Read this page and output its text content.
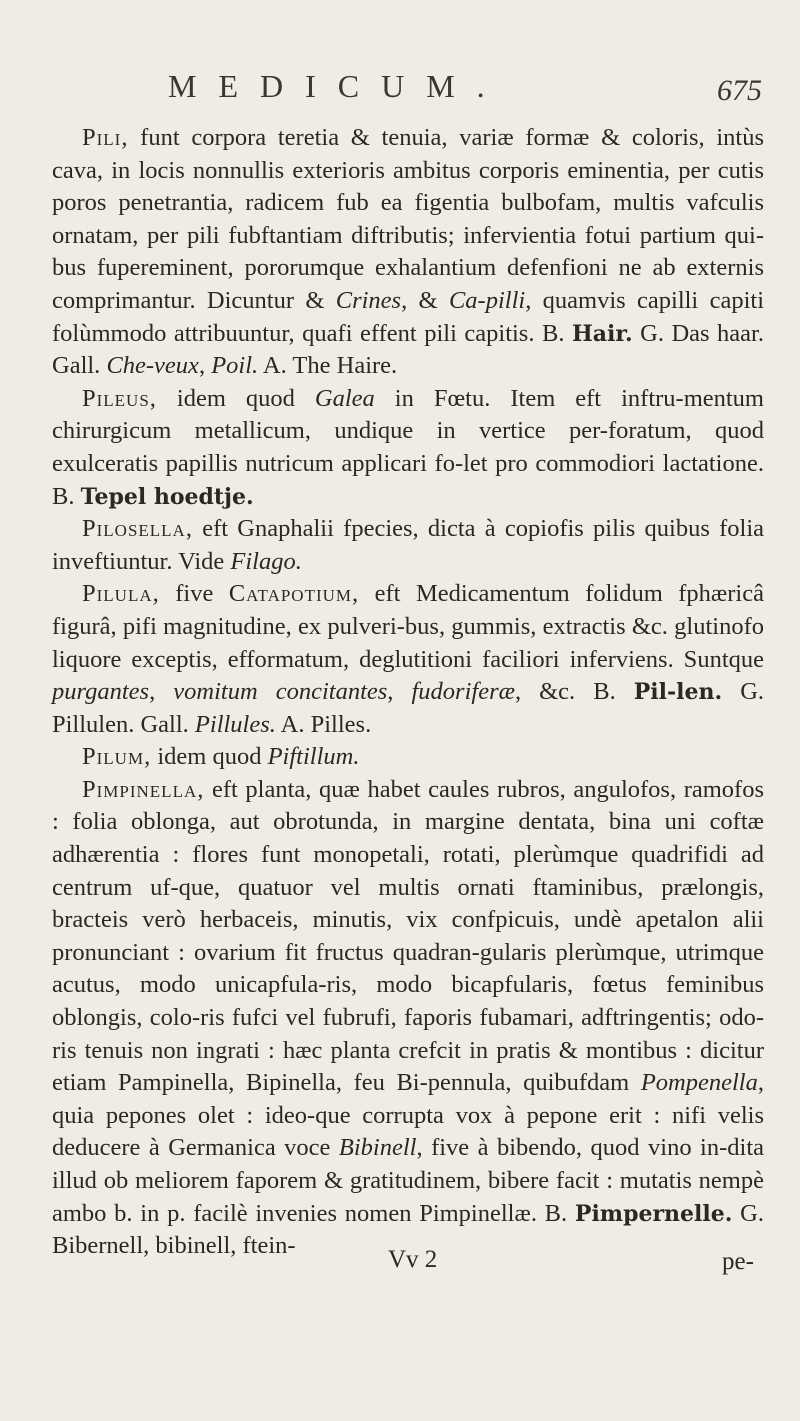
MEDICUM.	675

Pili, funt corpora teretia & tenuia, variæ formæ & coloris, intùs cava, in locis nonnullis exterioris ambitus corporis eminentia, per cutis poros penetrantia, radicem fub ea figentia bulbofam, multis vafculis ornatam, per pili fubftantiam diftributis; infervientia fotui partium qui-bus fupereminent, pororumque exhalantium defenfioni ne ab externis comprimantur. Dicuntur & Crines, & Ca-pilli, quamvis capilli capiti folùmmodo attribuuntur, quafi effent pili capitis. B. Hair. G. Das haar. Gall. Che-veux, Poil. A. The Haire.

Pileus, idem quod Galea in Fœtu. Item eft inftru-mentum chirurgicum metallicum, undique in vertice per-foratum, quod exulceratis papillis nutricum applicari fo-let pro commodiori lactatione. B. Tepel hoedtje.

Pilosella, eft Gnaphalii fpecies, dicta à copiofis pilis quibus folia inveftiuntur. Vide Filago.

Pilula, five Catapotium, eft Medicamentum folidum fphæricâ figurâ, pifi magnitudine, ex pulveri-bus, gummis, extractis &c. glutinofo liquore exceptis, efformatum, deglutitioni faciliori inferviens. Suntque purgantes, vomitum concitantes, fudoriferæ, &c. B. Pil-len. G. Pillulen. Gall. Pillules. A. Pilles.

Pilum, idem quod Piftillum.

Pimpinella, eft planta, quæ habet caules rubros, angulofos, ramofos : folia oblonga, aut obrotunda, in margine dentata, bina uni coftæ adhærentia : flores funt monopetali, rotati, plerùmque quadrifidi ad centrum uf-que, quatuor vel multis ornati ftaminibus, prælongis, bracteis verò herbaceis, minutis, vix confpicuis, undè apetalon alii pronunciant : ovarium fit fructus quadran-gularis plerùmque, utrimque acutus, modo unicapfula-ris, modo bicapfularis, fœtus feminibus oblongis, colo-ris fufci vel fubrufi, faporis fubamari, adftringentis; odo-ris tenuis non ingrati : hæc planta crefcit in pratis & montibus : dicitur etiam Pampinella, Bipinella, feu Bi-pennula, quibufdam Pompenella, quia pepones olet : ideo-que corrupta vox à pepone erit : nifi velis deducere à Germanica voce Bibinell, five à bibendo, quod vino in-dita illud ob meliorem faporem & gratitudinem, bibere facit : mutatis nempè ambo b. in p. facilè invenies nomen Pimpinellæ. B. Pimpernelle. G. Bibernell, bibinell, ftein-

Vv 2	pe-
